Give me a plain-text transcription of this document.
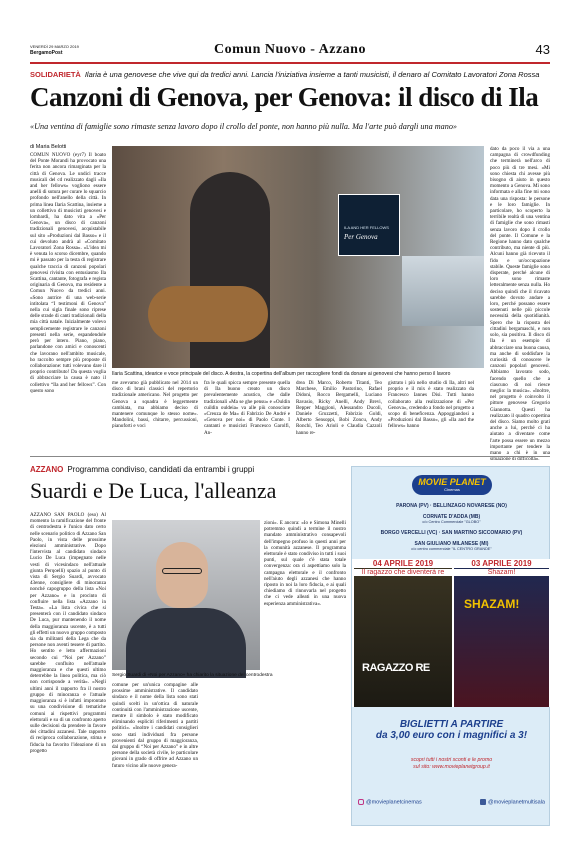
VENERDÌ 29 MARZO 2019
BergamoPost	Comun Nuovo - Azzano	43
SOLIDARIETÀ Ilaria è una genovese che vive qui da tredici anni. Lancia l'iniziativa insieme a tanti musicisti, il denaro al Comitato Lavoratori Zona Rossa
Canzoni di Genova, per Genova: il disco di Ila
«Una ventina di famiglie sono rimaste senza lavoro dopo il crollo del ponte, non hanno più nulla. Ma l'arte può dargli una mano»
di Maria Belotti
COMUN NUOVO (eyr7) Il boato del Ponte Morandi ha provocato una ferita non ancora rimarginata per la città di Genova. Le undici tracce musicali del cd realizzato dagli «Ila and her fellows» vogliono essere anelli di sutura per curare lo squarcio profondo nell'anello della città. In prima linea Ilaria Scattina, insieme a un collettivo di musicisti genovesi e lombardi, ha dato vita a «Per Genova», un disco di canzoni tradizionali genovesi, acquistabile sul sito «Produzioni dal Basso» e il cui devoluto andrà al «Comitato Lavoratori Zona Rossa». «L'idea mi è venuta lo scorso dicembre, quando mi è passato per la testa di registrare qualche traccia di canzoni popolari genovesi rivisita con entusiasmo Ila Scattina, cantante, fotografa e regista originaria di Genova, ma residente a Comun Nuovo da tredici anni. «Sono autrice di una web-serie intitolata “I testimoni di Genova” nella cui sigla finale sono riprese delle strade di canti tradizionali della mia città natale. Inizialmente volevo semplicemente registrare le canzoni presenti nella serie, espandendole però per intero. Piano, piano, parlandone con amici e conoscenti che lavorano nell'ambito musicale, ho raccolto sempre più proposte di collaborazione: tutti volevano dare il proprio contributo! Da questa voglia di abbracciare la causa è nato il collettivo “Ila and her fellows”. Con questo sono
ILA AND HER FELLOWS
Per Genova
Ilaria Scattina, idearice e voce principale del disco. A destra, la copertina dell'album per raccogliere fondi da donare ai genovesi che hanno perso il lavoro
me avevamo già pubblicato nel 2014 un disco di brani classici del repertorio tradizionale americano. Nel progetto per Genova a squadra è leggermente cambiata, ma abbiamo deciso di mantenere comunque lo stesso nome». Mandolini, bassi, chitarre, percussioni, pianoforti e voci
fra le quali spicca sempre presente quella di Ila buono creato un disco prevalentemente acustico, che dalle tradizionali «Ma se ghe pensu» e «Ouldin cuildin ouldeia» va alle più conosciute «Creuza de Ma» di Fabrizio De André e «Genova per noi» di Paolo Conte. I cantanti e musicisti Francesco Garolfi, An-
drea Di Marco, Roberto Titanti, Teo Marchese, Emilio Pastorino, Rafael Didoni, Rocco Bergamelli, Luciano Ravasio, Ricky Anelli, Andy Brevi, Bepper Maggioni, Alessandro Ducoli, Daniele Gruzzetti, Fabrizio Goldi, Alberto Sensoppi, Bobi Zoncu, Andy Ronchi, Teo Arioli e Claudia Cazzoli hanno re-
gistrato i più nello studio di Ila, altri nel proprio e il mix è stato realizzato da Francesco Iannes Disi. Tutti hanno collaborato alla realizzazione di «Per Genova», credendo a fondo nel progetto a scopo di beneficenza. Appoggiandosi a «Produzioni dal Basso», gli «Ila and the fellows» hanno
dato da poco il via a una campagna di crowdfunding che terminerà nell'arco di poco più di tre mesi. «Mi sono chiesta chi avesse più bisogno di aiuto in questo momento a Genova. Mi sono informata e alla fine mi sono data una risposta: le persone e le loro famiglie. In particolare, ho scoperto la terribile realtà di una ventina di famiglie che sono rimasti senza lavoro dopo il crollo del ponte. Il Comune e la Regione hanno dato qualche contributo, ma niente di più. Alcuni hanno già ricevuto il fido e un'occupazione stabile. Queste famiglie sono disperate, perché alcune di loro sono rimaste letteralmente senza nulla. Ho deciso quindi che il ricavato sarebbe dovuto andare a loro, perché possano essere sostenuti nelle più piccole necessità della quotidianità. Spero che la risposta dei cittadini bergamaschi, e non solo, sia positiva. Il disco di Ila è un esempio di abbracciare una buona causa, ma anche di soddisfare la curiosità di conoscere le canzoni popolari genovesi. Abbiamo lavorato sodo, facendo quello che a ciascuno di noi riesce meglio: la musica». «Inoltre, nel progetto è coinvolto il pittore genovese Gregorio Giannotta. Questi ha realizzato il quadro copertina del disco. Siamo molto grati anche a lui, perché ci ha aiutato a diventare come l'arte possa essere un mezzo importante per tendere la mano a chi è in una situazione di difficoltà».
AZZANO Programma condiviso, candidati da entrambi i gruppi
Suardi e De Luca, l'alleanza
AZZANO SAN PAOLO (eso) Al momento la ramificazione del fronte di centrodestra è l'unico dato certo nelle scenario politico di Azzano San Paolo, in vista delle prossime elezioni amministrative. Dopo l'intervista al candidato sindaco Lucio De Luca (impegnato nelle vesti di vicesindaco nell'attuale giunta Perqoelli) spazio al punto di vista di Sergio Suardi, avvocato 43enne, consigliere di minoranza nonché capogruppo della lista «Noi per Azzano» e in procinto di confluire nella lista «Azzano in Testa». «La lista civica che si presenterà con il candidato sindaco De Luca, pur mantenendo il nome della maggioranza uscente, è a tutti gli effetti un nuovo gruppo composto sia da militanti della Lega che da persone non aventi tessere di partito. Ho sentito e letto affermazioni secondo cui “Noi per Azzano” sarebbe confluito nell'attuale maggioranza e che questi ultimo deterrebbe la linea politica, ma ciò non corrisponde a verità». «Negli ultimi anni il rapporto fra il nostro gruppo di minoranza e l'attuale maggioranza si è infatti improntato su una condivisione di tematiche comuni ai rispettivi programmi elettorali e su di un confronto aperto sulle decisioni da prendere in favore dei cittadini azzanesi. Tale rapporto di reciproca collaborazione, stima e fiducia ha favorito l'ideazione di un progetto
Sergio Suardi di «Noi per Azzano» ha chiarito la situazione del centrodestra
comune per un'unica compagine alle prossime amministrative. Il candidato sindaco e il nome della lista sono stati quindi scelti in un'ottica di naturale continuità con l'amministrazione uscente, mentre il simbolo è stato modificato eliminando espliciti riferimenti a partiti politici». «Inoltre i candidati consiglieri sono stati individuati fra persone provenienti dal gruppo di maggioranza, dal gruppo di “Noi per Azzano” e in altre persone della società civile, le particolare giovani in grado di offrire ad Azzano un futuro vicino alle nuove genera-
zioni». E ancora: «Io e Simona Minelli potremmo quindi a termine il nostro mandato amministrativo consapevoli dell'impegno profuso in questi anni per la comunità azzanese. Il programma elettorale è stato condiviso in tutti i suoi punti, sul quale c'è stata totale convergenza: ora ci aspettiamo solo la campagna elettorale e il confronto nell'aiuto degli azzanesi che hanno riposto in noi la loro fiducia, e ai quali chiediamo di rinnovarla nel progetto che ci vede alleati in una nuova esperienza amministrativa».
MOVIE PLANET
Cinemas
PARONA (PV) · BELLINZAGO NOVARESE (NO)
CORNATE D'ADDA (MB)
c/o Centro Commerciale "GLOBO"
BORGO VERCELLI (VC) · SAN MARTINO SICCOMARIO (PV)
SAN GIULIANO MILANESE (MI)
c/o centro commerciale "IL CENTRO GRANDE"
04 APRILE 2019
Il ragazzo che diventerà re
RAGAZZO RE
03 APRILE 2019
Shazam!
SHAZAM!
BIGLIETTI A PARTIRE
da 3,00 euro con i magnifici a 3!
scopri tutti i nostri sconti e le promo
sul sito: www.movieplanetgroup.it
@movieplanetcinemas	@movieplanetmultisala
